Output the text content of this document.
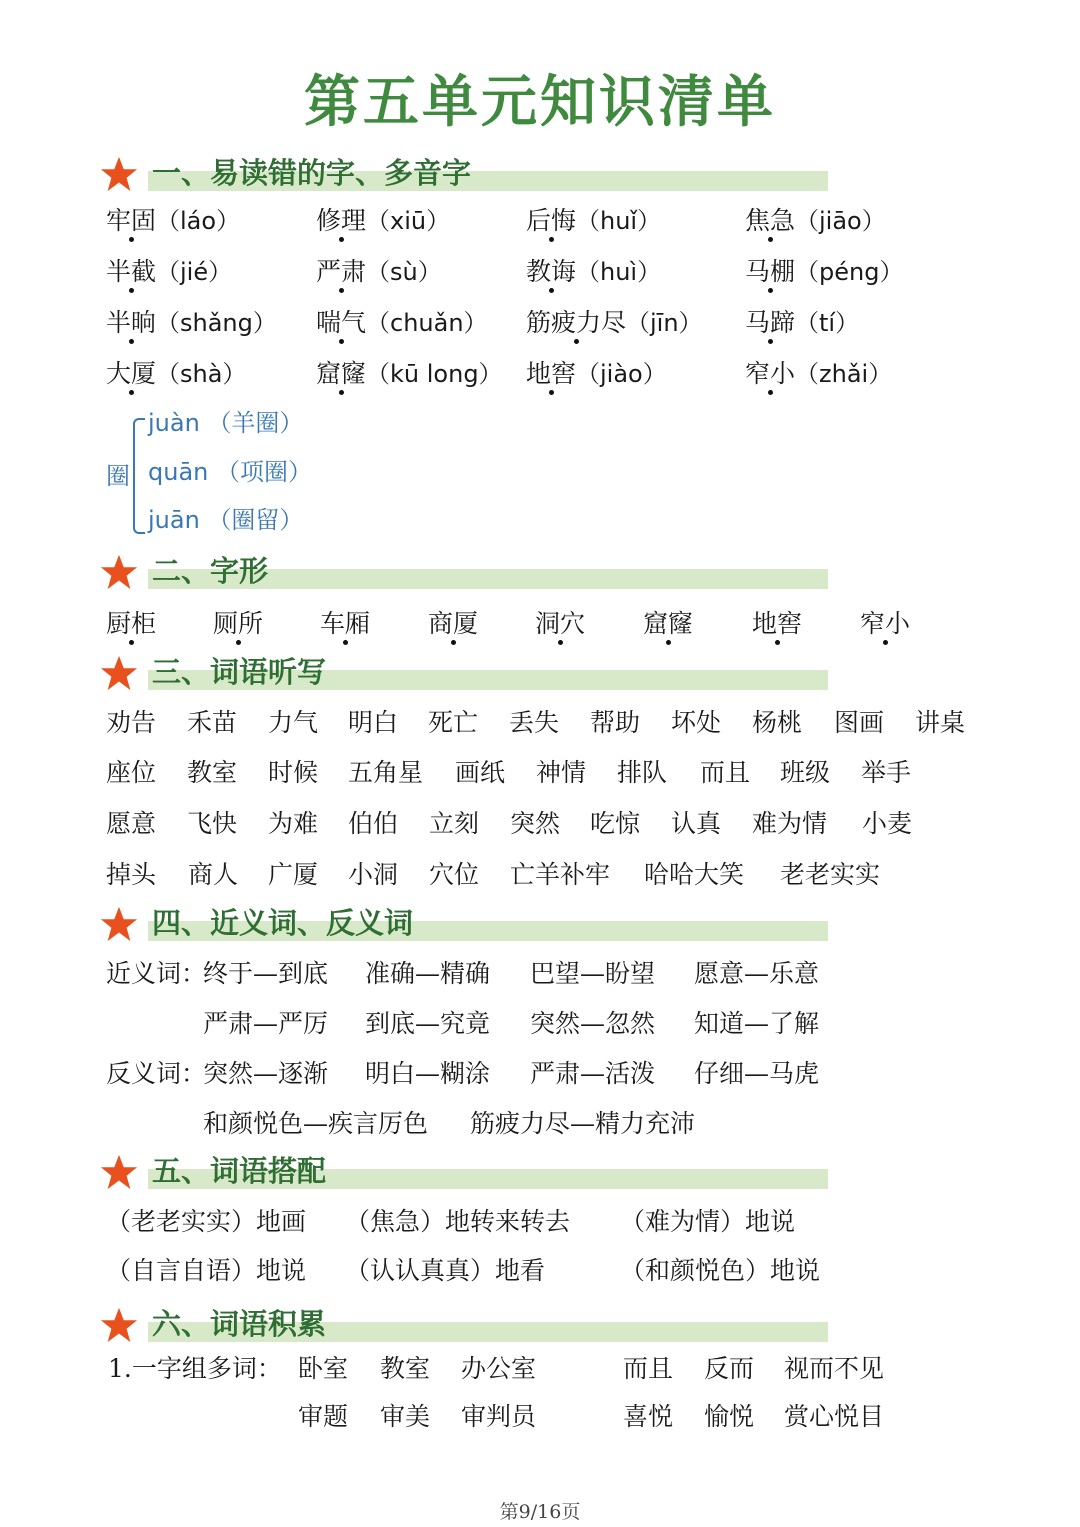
第五单元知识清单
一、易读错的字、多音字
二、字形
三、词语听写
四、近义词、反义词
五、词语搭配
六、词语积累
牢固（láo）	修理（xiū）	后悔（huǐ）	焦急（jiāo）
半截（jié）	严肃（sù）	教诲（huì）	马棚（péng）
半晌（shǎng） 喘气（chuǎn） 筋疲力尽（jīn） 马蹄（tí）
大厦（shà）	窟窿（kū long） 地窖（jiào）	窄小（zhǎi）
圈
juàn （羊圈）
quān （项圈）
juān （圈留）
厨柜 厕所 车厢 商厦 洞穴 窟窿 地窖 窄小
劝告 禾苗 力气 明白 死亡 丢失 帮助 坏处 杨桃 图画 讲桌
座位 教室 时候 五角星 画纸 神情 排队 而且 班级 举手
愿意 飞快 为难 伯伯 立刻 突然 吃惊 认真 难为情 小麦
掉头 商人 广厦 小洞 穴位 亡羊补牢 哈哈大笑 老老实实
近义词：
终于—到底 准确—精确 巴望—盼望 愿意—乐意
严肃—严厉 到底—究竟 突然—忽然 知道—了解
反义词：
突然—逐渐 明白—糊涂 严肃—活泼 仔细—马虎
和颜悦色—疾言厉色 筋疲力尽—精力充沛
（老老实实）地画 （焦急）地转来转去 （难为情）地说
（自言自语）地说 （认认真真）地看	（和颜悦色）地说
1.一字组多词： 卧室 教室 办公室	而且 反而 视而不见
审题 审美 审判员	喜悦 愉悦 赏心悦目
第9/16页
